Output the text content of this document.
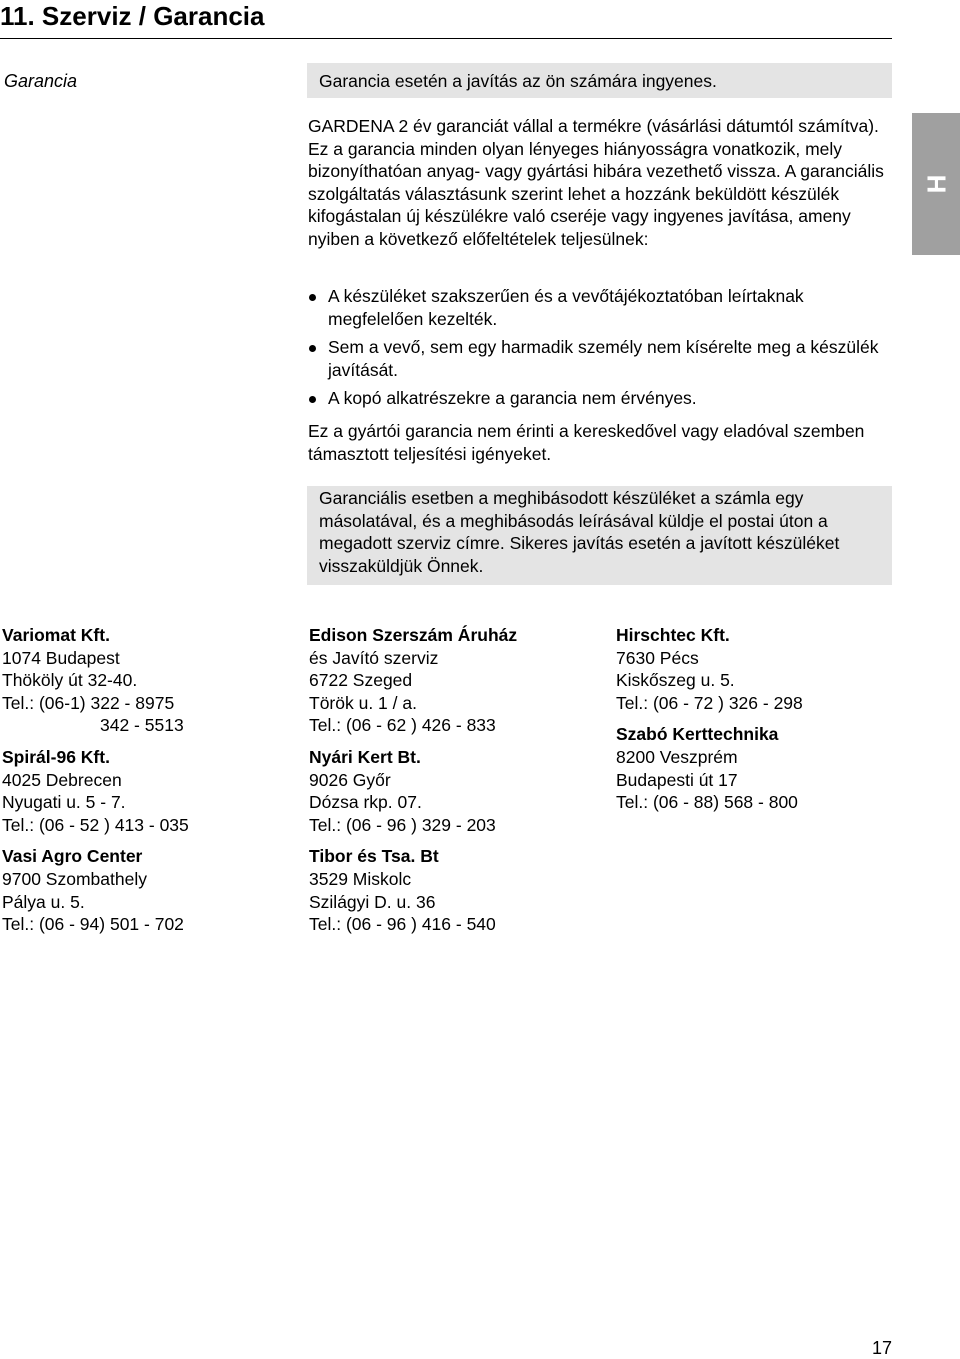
11. Szerviz / Garancia
Garancia	Garancia esetén a javítás az ön számára ingyenes.

GARDENA 2 év garanciát vállal a termékre (vásárlási dátumtól számítva). Ez a garancia minden olyan lényeges hiányosságra vonatkozik, mely bizonyíthatóan anyag- vagy gyártási hibára vezethető vissza. A garanciális szolgáltatás választásunk szerint lehet a hozzánk beküldött készülék kifogástalan új készülékre való cseréje vagy ingyenes javítása, ameny nyiben a következő előfeltételek teljesülnek:

A készüléket szakszerűen és a vevőtájékoztatóban leírtaknak megfelelően kezelték.
Sem a vevő, sem egy harmadik személy nem kísérelte meg a készülék javítását.
A kopó alkatrészekre a garancia nem érvényes.

Ez a gyártói garancia nem érinti a kereskedővel vagy eladóval szemben támasztott teljesítési igényeket.

Garanciális esetben a meghibásodott készüléket a számla egy másolatával, és a meghibásodás leírásával küldje el postai úton a megadott szerviz címre. Sikeres javítás esetén a javított készüléket visszaküldjük Önnek.
H
Variomat Kft.
1074 Budapest
Thököly út 32-40.
Tel.: (06-1) 322 - 8975
342 - 5513
Spirál-96 Kft.
4025 Debrecen
Nyugati u. 5 - 7.
Tel.: (06 - 52 ) 413 - 035
Vasi Agro Center
9700 Szombathely
Pálya u. 5.
Tel.: (06 - 94) 501 - 702
Edison Szerszám Áruház
és Javító szerviz
6722 Szeged
Török u. 1 / a.
Tel.: (06 - 62 ) 426 - 833
Nyári Kert Bt.
9026 Győr
Dózsa rkp. 07.
Tel.: (06 - 96 ) 329 - 203
Tibor és Tsa. Bt
3529 Miskolc
Szilágyi D. u. 36
Tel.: (06 - 96 ) 416 - 540
Hirschtec Kft.
7630 Pécs
Kiskőszeg u. 5.
Tel.: (06 - 72 ) 326 - 298
Szabó Kerttechnika
8200 Veszprém
Budapesti út 17
Tel.: (06 - 88) 568 - 800
17
